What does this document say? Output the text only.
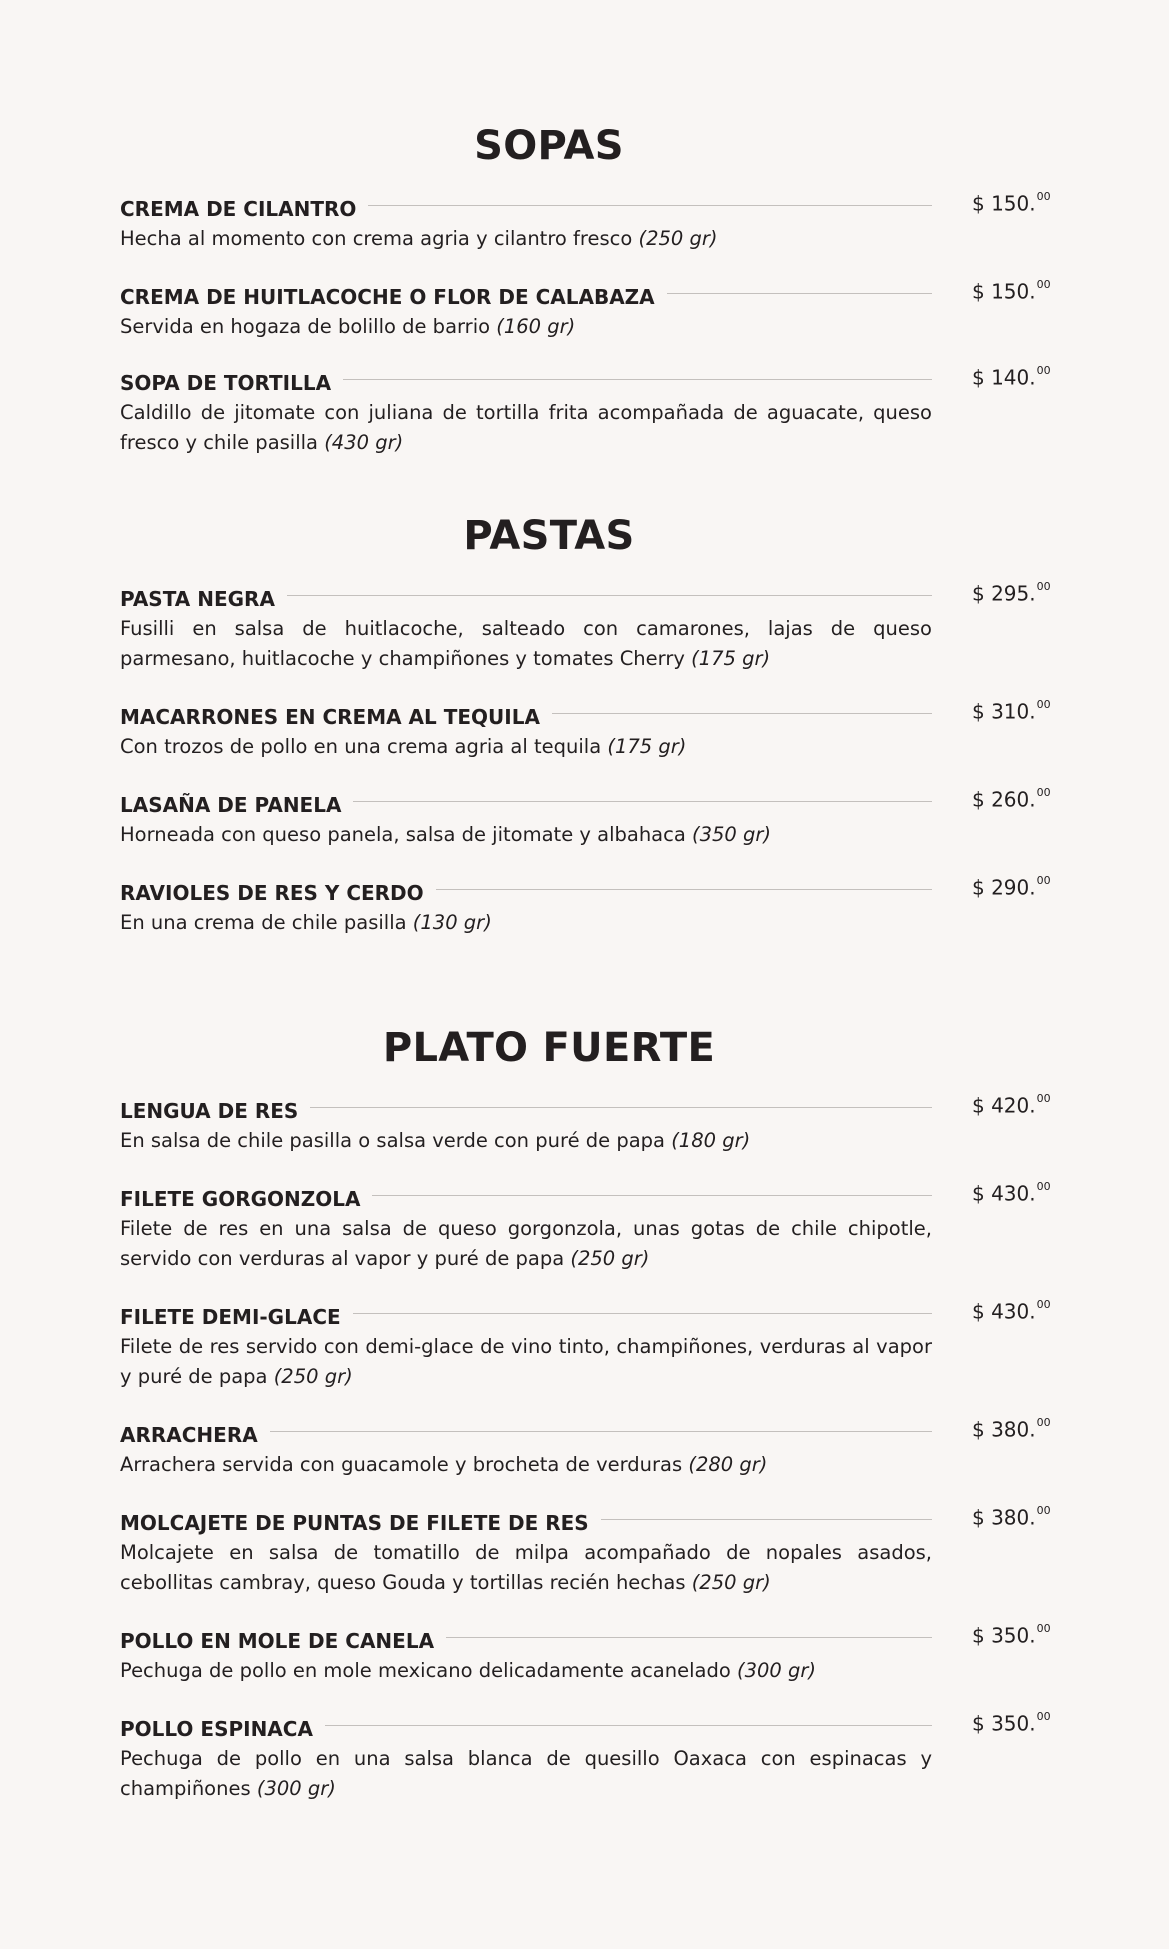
SOPAS
CREMA DE CILANTRO	$ 150.00
Hecha al momento con crema agria y cilantro fresco (250 gr)
CREMA DE HUITLACOCHE O FLOR DE CALABAZA	$ 150.00
Servida en hogaza de bolillo de barrio (160 gr)
SOPA DE TORTILLA	$ 140.00
Caldillo de jitomate con juliana de tortilla frita acompañada de aguacate, queso fresco y chile pasilla (430 gr)
PASTAS
PASTA NEGRA	$ 295.00
Fusilli en salsa de huitlacoche, salteado con camarones, lajas de queso parmesano, huitlacoche y champiñones y tomates Cherry (175 gr)
MACARRONES EN CREMA AL TEQUILA	$ 310.00
Con trozos de pollo en una crema agria al tequila (175 gr)
LASAÑA DE PANELA	$ 260.00
Horneada con queso panela, salsa de jitomate y albahaca (350 gr)
RAVIOLES DE RES Y CERDO	$ 290.00
En una crema de chile pasilla (130 gr)
PLATO FUERTE
LENGUA DE RES	$ 420.00
En salsa de chile pasilla o salsa verde con puré de papa (180 gr)
FILETE GORGONZOLA	$ 430.00
Filete de res en una salsa de queso gorgonzola, unas gotas de chile chipotle, servido con verduras al vapor y puré de papa (250 gr)
FILETE DEMI-GLACE	$ 430.00
Filete de res servido con demi-glace de vino tinto, champiñones, verduras al vapor y puré de papa (250 gr)
ARRACHERA	$ 380.00
Arrachera servida con guacamole y brocheta de verduras (280 gr)
MOLCAJETE DE PUNTAS DE FILETE DE RES	$ 380.00
Molcajete en salsa de tomatillo de milpa acompañado de nopales asados, cebollitas cambray, queso Gouda y tortillas recién hechas (250 gr)
POLLO EN MOLE DE CANELA	$ 350.00
Pechuga de pollo en mole mexicano delicadamente acanelado (300 gr)
POLLO ESPINACA	$ 350.00
Pechuga de pollo en una salsa blanca de quesillo Oaxaca con espinacas y champiñones (300 gr)
